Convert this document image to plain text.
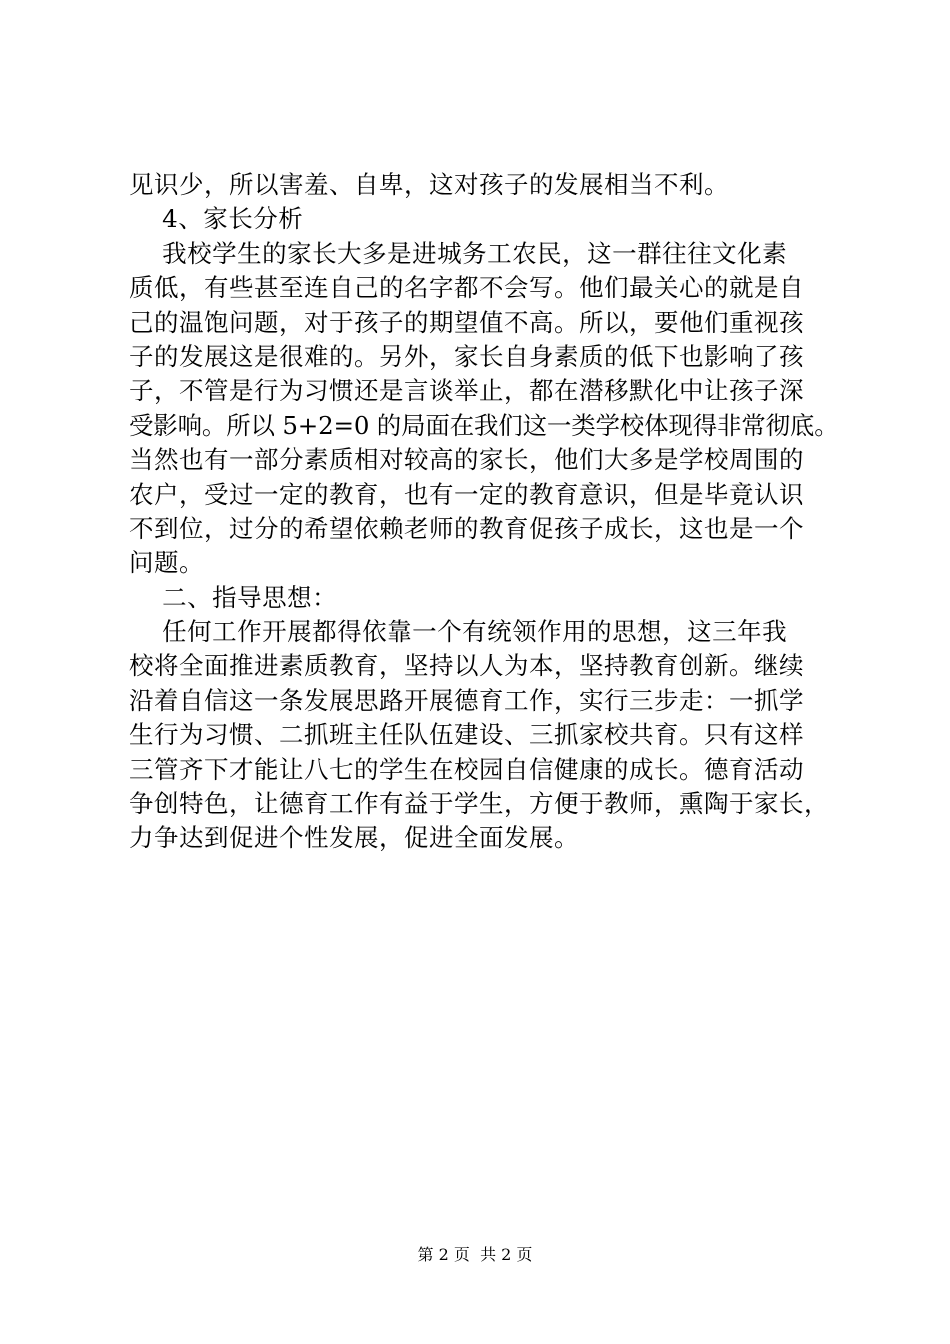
见识少，所以害羞、自卑，这对孩子的发展相当不利。
4、家长分析
我校学生的家长大多是进城务工农民，这一群往往文化素
质低，有些甚至连自己的名字都不会写。他们最关心的就是自
己的温饱问题，对于孩子的期望值不高。所以，要他们重视孩
子的发展这是很难的。另外，家长自身素质的低下也影响了孩
子，不管是行为习惯还是言谈举止，都在潜移默化中让孩子深
受影响。所以 5+2=0 的局面在我们这一类学校体现得非常彻底。
当然也有一部分素质相对较高的家长，他们大多是学校周围的
农户，受过一定的教育，也有一定的教育意识，但是毕竟认识
不到位，过分的希望依赖老师的教育促孩子成长，这也是一个
问题。
二、指导思想：
任何工作开展都得依靠一个有统领作用的思想，这三年我
校将全面推进素质教育，坚持以人为本，坚持教育创新。继续
沿着自信这一条发展思路开展德育工作，实行三步走：一抓学
生行为习惯、二抓班主任队伍建设、三抓家校共育。只有这样
三管齐下才能让八七的学生在校园自信健康的成长。德育活动
争创特色，让德育工作有益于学生，方便于教师，熏陶于家长，
力争达到促进个性发展，促进全面发展。
第 2 页  共 2 页
